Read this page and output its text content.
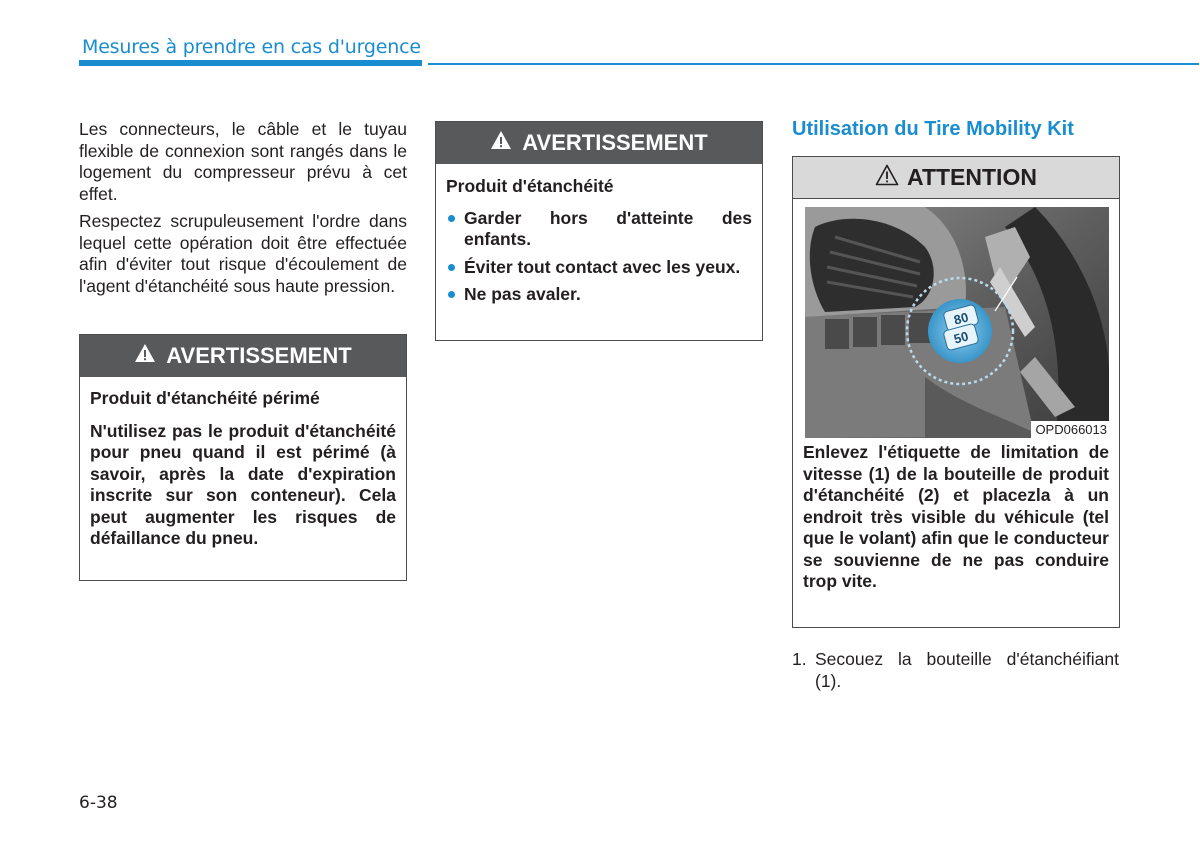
Mesures à prendre en cas d'urgence

Les connecteurs, le câble et le tuyau flexible de connexion sont rangés dans le logement du compresseur prévu à cet effet.

Respectez scrupuleusement l'ordre dans lequel cette opération doit être effectuée afin d'éviter tout risque d'écoulement de l'agent d'étanchéité sous haute pression.

AVERTISSEMENT

Produit d'étanchéité périmé

N'utilisez pas le produit d'étanchéité pour pneu quand il est périmé (à savoir, après la date d'expiration inscrite sur son conteneur). Cela peut augmenter les risques de défaillance du pneu.

AVERTISSEMENT

Produit d'étanchéité

Garder hors d'atteinte des enfants.
Éviter tout contact avec les yeux.
Ne pas avaler.
Utilisation du Tire Mobility Kit
ATTENTION
80
50
OPD066013

Enlevez l'étiquette de limitation de vitesse (1) de la bouteille de produit d'étanchéité (2) et placezla à un endroit très visible du véhicule (tel que le volant) afin que le conducteur se souvienne de ne pas conduire trop vite.

1. Secouez la bouteille d'étanchéifiant (1).

6-38
